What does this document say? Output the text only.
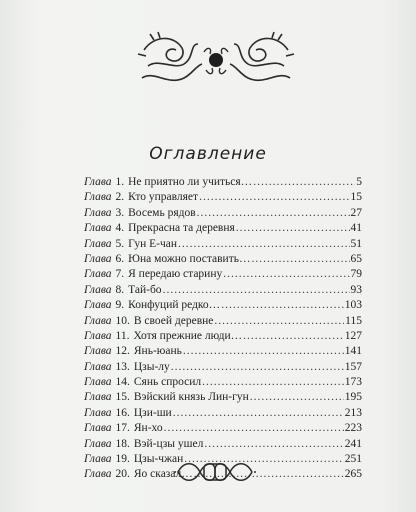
Оглавление
Глава 1. Не приятно ли учиться… .....	5
Глава 2. Кто управляет .....	15
Глава 3. Восемь рядов .....	27
Глава 4. Прекрасна та деревня .....	41
Глава 5. Гун Е-чан .....	51
Глава 6. Юна можно поставить… .....	65
Глава 7. Я передаю старину .....	79
Глава 8. Тай-бо .....	93
Глава 9. Конфуций редко… .....	103
Глава 10. В своей деревне .....	115
Глава 11. Хотя прежние люди… .....	127
Глава 12. Янь-юань .....	141
Глава 13. Цзы-лу .....	157
Глава 14. Сянь спросил .....	173
Глава 15. Вэйский князь Лин-гун .....	195
Глава 16. Цзи-ши .....	213
Глава 17. Ян-хо .....	223
Глава 18. Вэй-цзы ушел .....	241
Глава 19. Цзы-чжан .....	251
Глава 20. Яо сказал… .....	265
